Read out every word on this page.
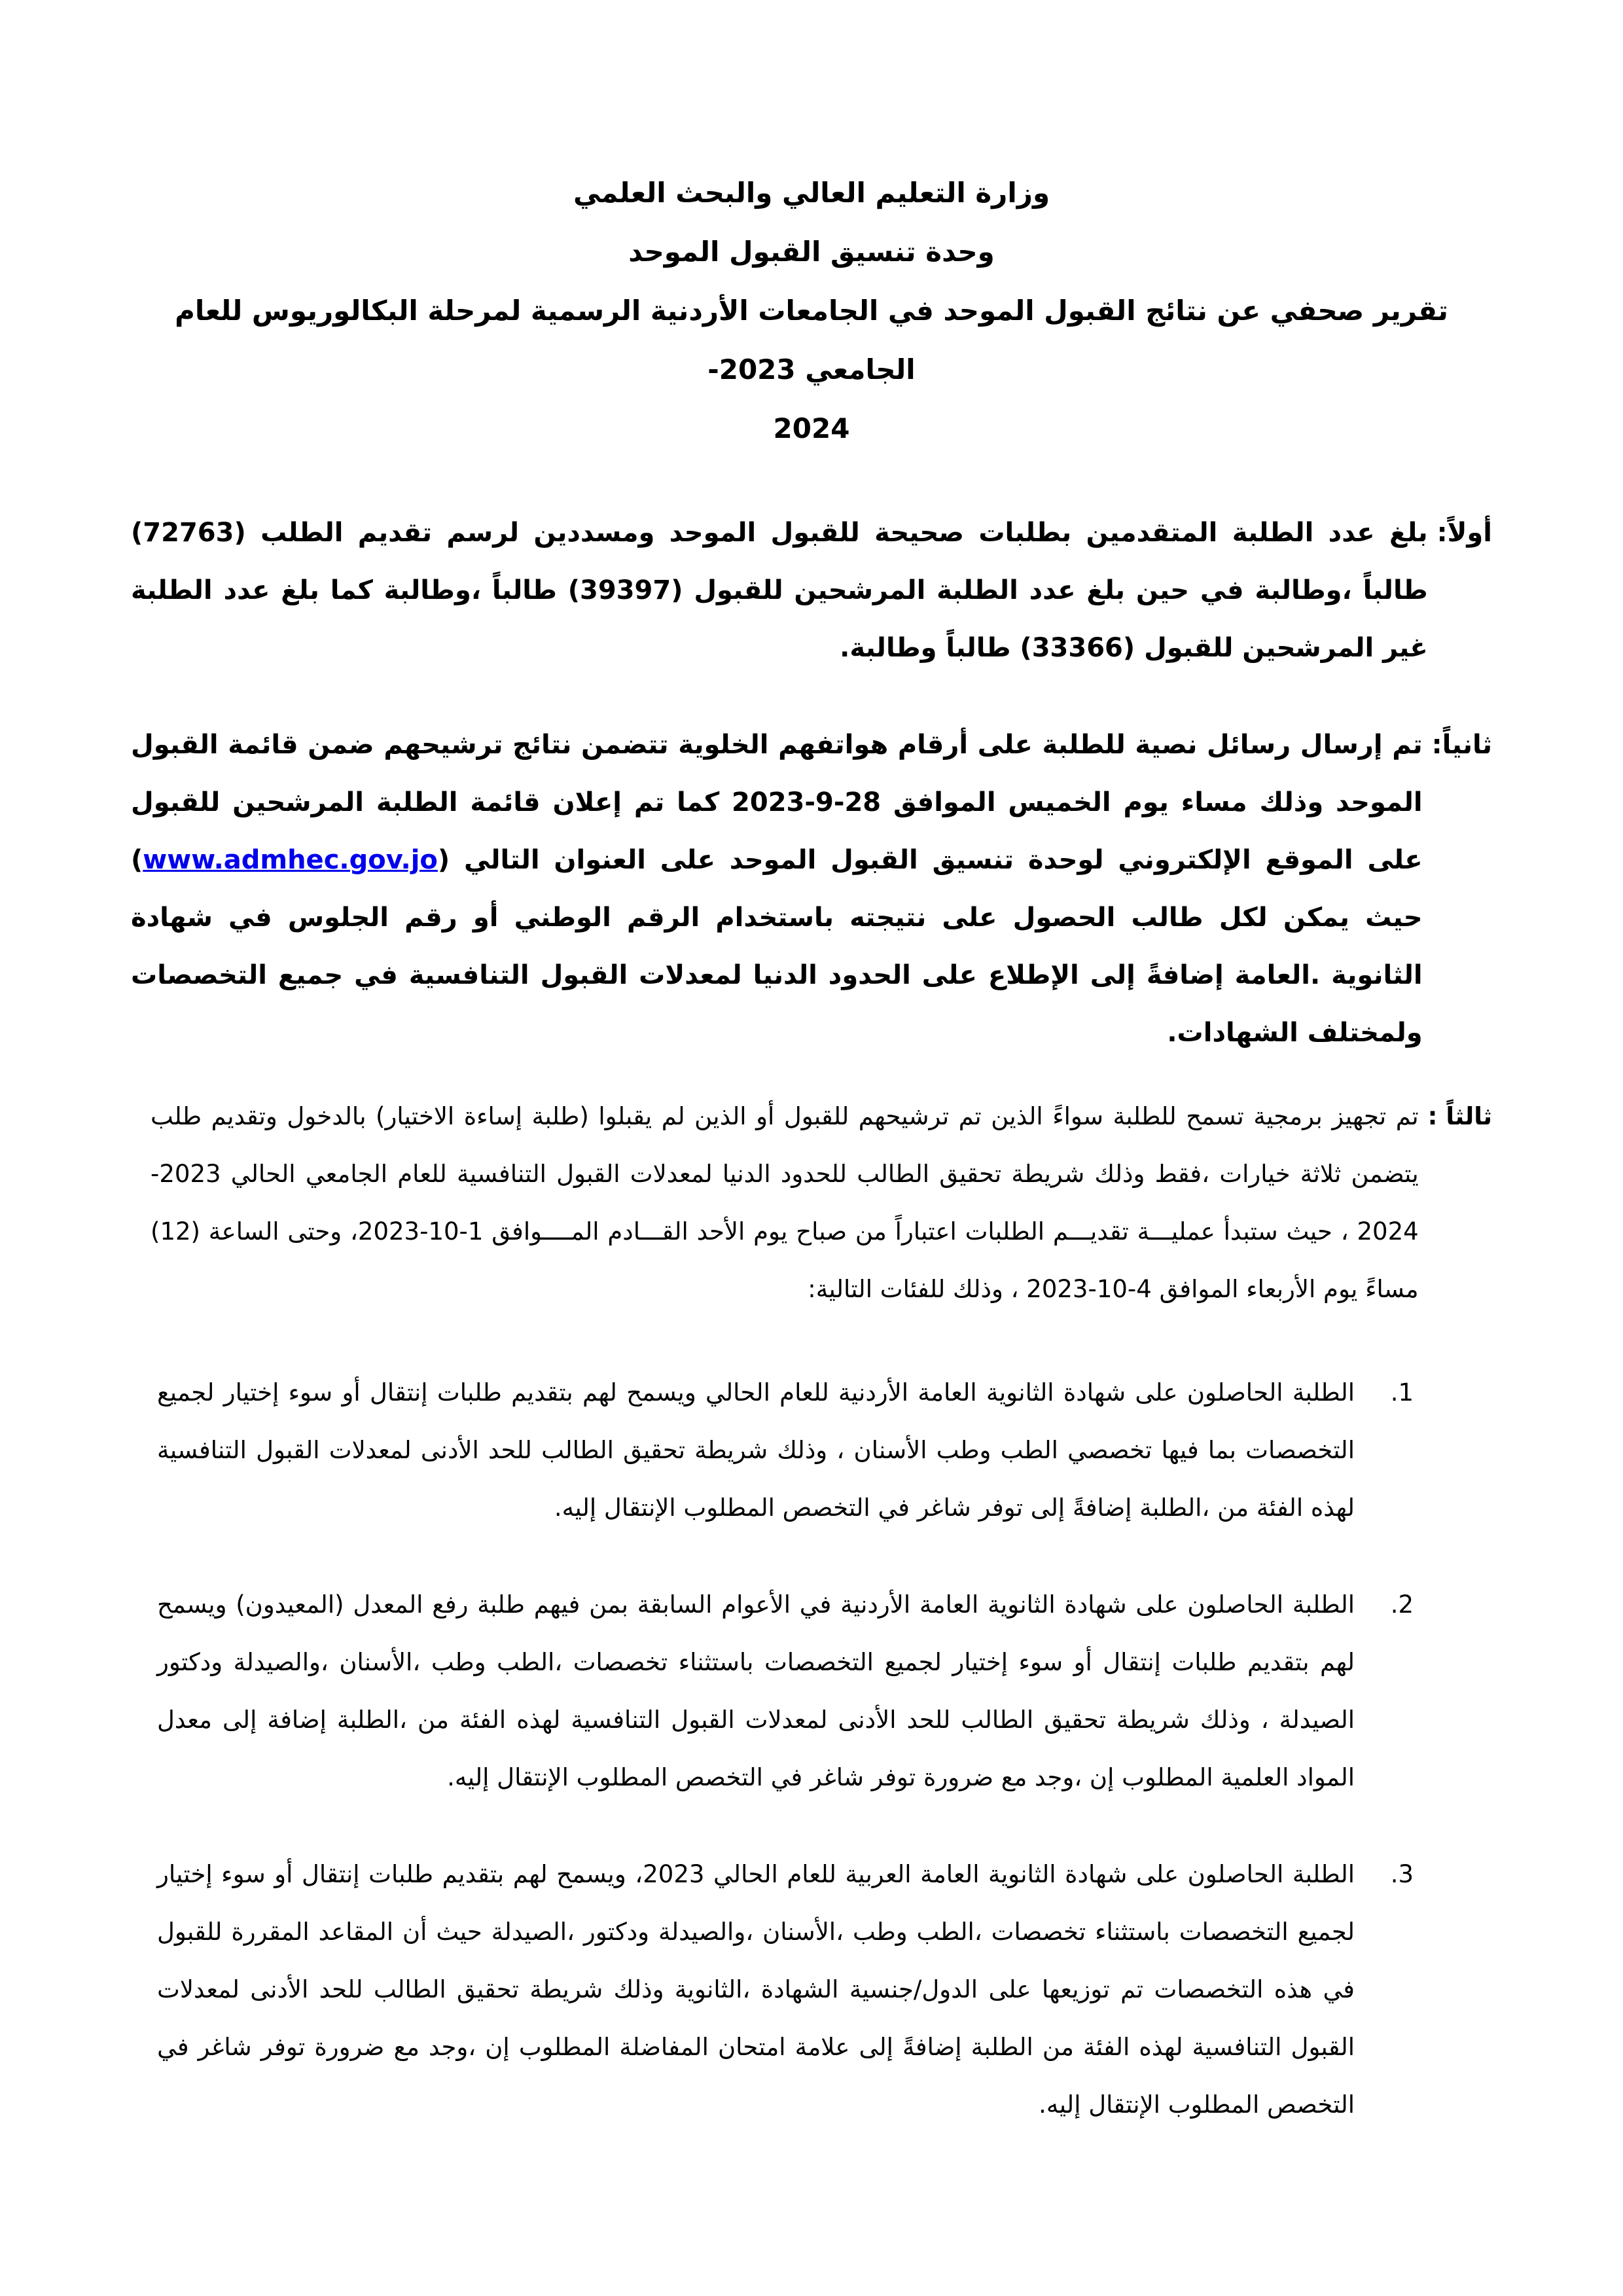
وزارة التعليم العالي والبحث العلمي
وحدة تنسيق القبول الموحد
تقرير صحفي عن نتائج القبول الموحد في الجامعات الأردنية الرسمية لمرحلة البكالوريوس للعام الجامعي 2023-
2024
أولاً:
بلغ عدد الطلبة المتقدمين بطلبات صحيحة للقبول الموحد ومسددين لرسم تقديم الطلب (72763) طالباً ،وطالبة في حين بلغ عدد الطلبة المرشحين للقبول (39397) طالباً ،وطالبة كما بلغ عدد الطلبة غير المرشحين للقبول (33366) طالباً وطالبة.
ثانياً:
تم إرسال رسائل نصية للطلبة على أرقام هواتفهم الخلوية تتضمن نتائج ترشيحهم ضمن قائمة القبول الموحد وذلك مساء يوم الخميس الموافق 28-9-2023 كما تم إعلان قائمة الطلبة المرشحين للقبول على الموقع الإلكتروني لوحدة تنسيق القبول الموحد على العنوان التالي (www.admhec.gov.jo) حيث يمكن لكل طالب الحصول على نتيجته باستخدام الرقم الوطني أو رقم الجلوس في شهادة الثانوية .العامة إضافةً إلى الإطلاع على الحدود الدنيا لمعدلات القبول التنافسية في جميع التخصصات ولمختلف الشهادات.
ثالثاً :
تم تجهيز برمجية تسمح للطلبة سواءً الذين تم ترشيحهم للقبول أو الذين لم يقبلوا (طلبة إساءة الاختيار) بالدخول وتقديم طلب يتضمن ثلاثة خيارات ،فقط وذلك شريطة تحقيق الطالب للحدود الدنيا لمعدلات القبول التنافسية للعام الجامعي الحالي 2023-2024 ، حيث ستبدأ عمليـــة تقديـــم الطلبات اعتباراً من صباح يوم الأحد القـــادم المــــوافق 1-10-2023، وحتى الساعة (12) مساءً يوم الأربعاء الموافق 4-10-2023 ، وذلك للفئات التالية:
1.
الطلبة الحاصلون على شهادة الثانوية العامة الأردنية للعام الحالي ويسمح لهم بتقديم طلبات إنتقال أو سوء إختيار لجميع التخصصات بما فيها تخصصي الطب وطب الأسنان ، وذلك شريطة تحقيق الطالب للحد الأدنى لمعدلات القبول التنافسية لهذه الفئة من ،الطلبة إضافةً إلى توفر شاغر في التخصص المطلوب الإنتقال إليه.
2.
الطلبة الحاصلون على شهادة الثانوية العامة الأردنية في الأعوام السابقة بمن فيهم طلبة رفع المعدل (المعيدون) ويسمح لهم بتقديم طلبات إنتقال أو سوء إختيار لجميع التخصصات باستثناء تخصصات ،الطب وطب ،الأسنان ،والصيدلة ودكتور الصيدلة ، وذلك شريطة تحقيق الطالب للحد الأدنى لمعدلات القبول التنافسية لهذه الفئة من ،الطلبة إضافة إلى معدل المواد العلمية المطلوب إن ،وجد مع ضرورة توفر شاغر في التخصص المطلوب الإنتقال إليه.
3.
الطلبة الحاصلون على شهادة الثانوية العامة العربية للعام الحالي 2023، ويسمح لهم بتقديم طلبات إنتقال أو سوء إختيار لجميع التخصصات باستثناء تخصصات ،الطب وطب ،الأسنان ،والصيدلة ودكتور ،الصيدلة حيث أن المقاعد المقررة للقبول في هذه التخصصات تم توزيعها على الدول/جنسية الشهادة ،الثانوية وذلك شريطة تحقيق الطالب للحد الأدنى لمعدلات القبول التنافسية لهذه الفئة من الطلبة إضافةً إلى علامة امتحان المفاضلة المطلوب إن ،وجد مع ضرورة توفر شاغر في التخصص المطلوب الإنتقال إليه.
